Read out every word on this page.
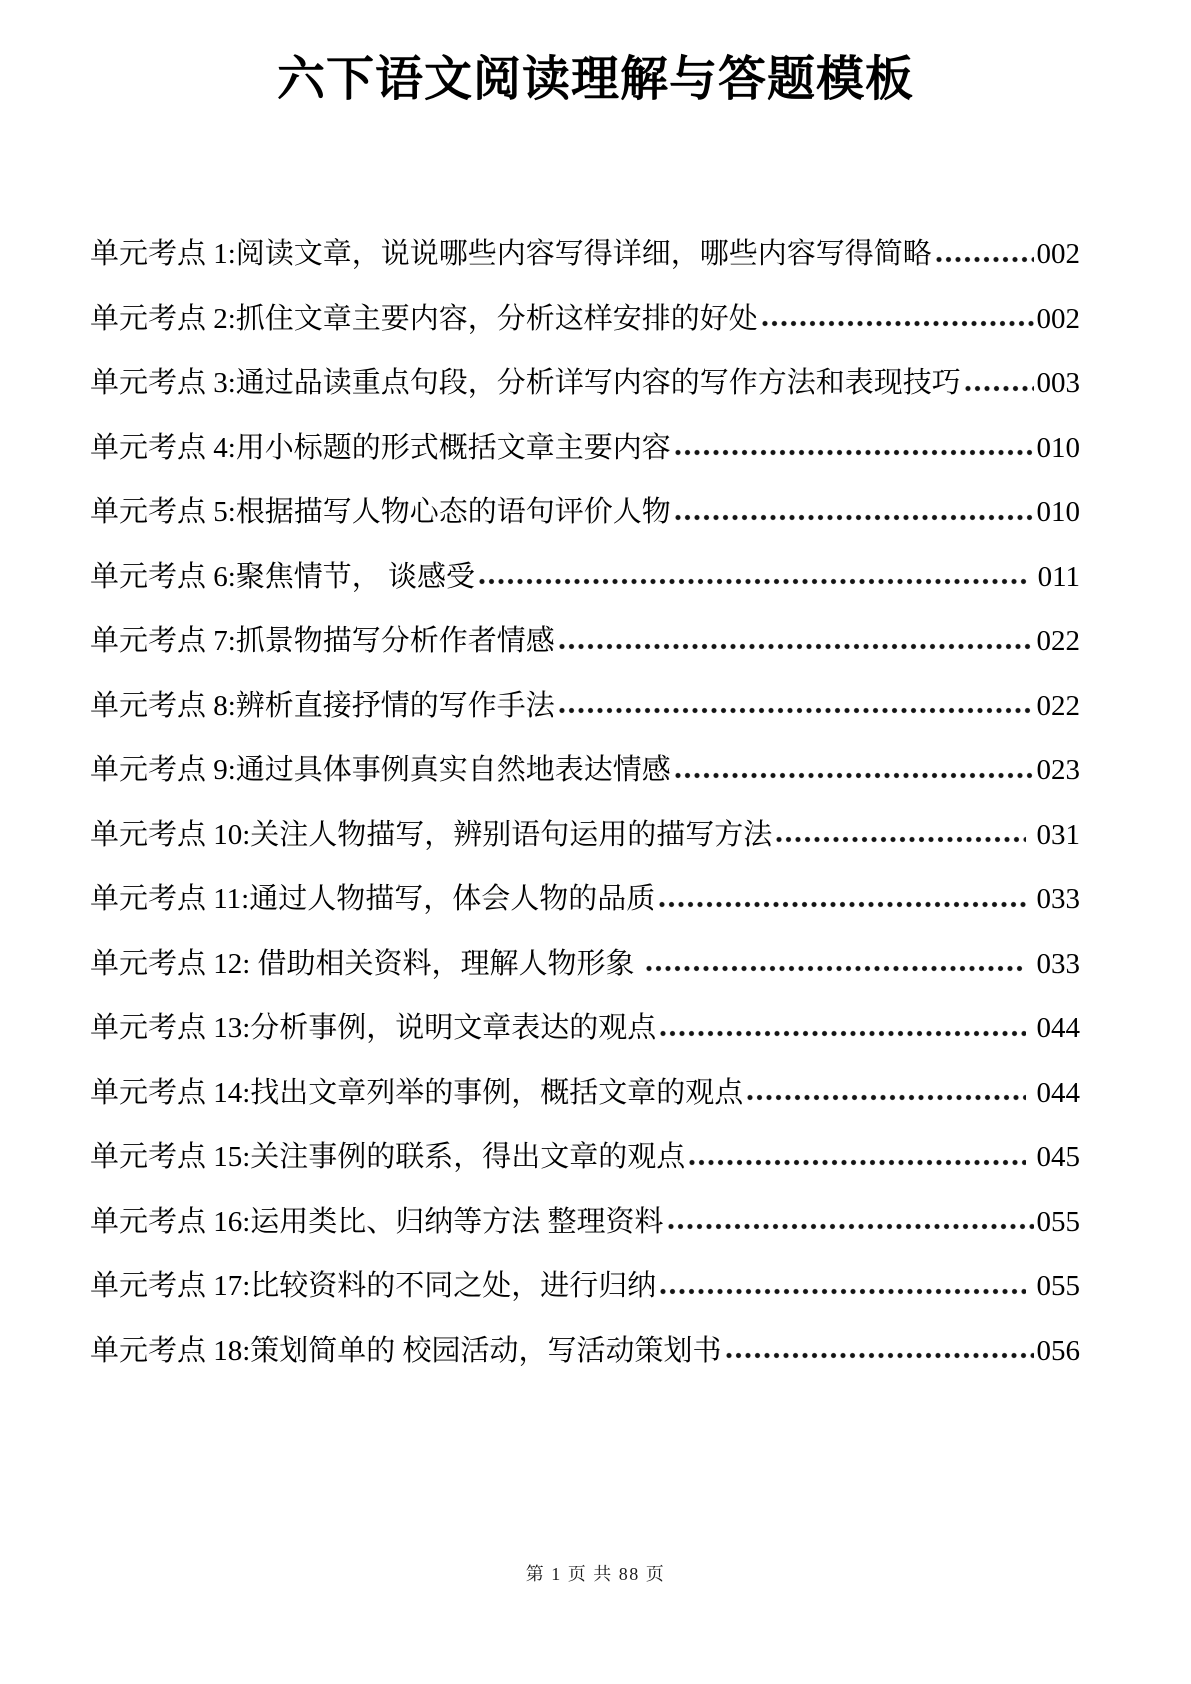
六下语文阅读理解与答题模板
单元考点 1:阅读文章，说说哪些内容写得详细，哪些内容写得简略	002
单元考点 2:抓住文章主要内容，分析这样安排的好处	002
单元考点 3:通过品读重点句段，分析详写内容的写作方法和表现技巧	003
单元考点 4:用小标题的形式概括文章主要内容	010
单元考点 5:根据描写人物心态的语句评价人物	010
单元考点 6:聚焦情节， 谈感受	011
单元考点 7:抓景物描写分析作者情感	022
单元考点 8:辨析直接抒情的写作手法	022
单元考点 9:通过具体事例真实自然地表达情感	023
单元考点 10:关注人物描写，辨别语句运用的描写方法	031
单元考点 11:通过人物描写，体会人物的品质	033
单元考点 12: 借助相关资料，理解人物形象	033
单元考点 13:分析事例，说明文章表达的观点	044
单元考点 14:找出文章列举的事例，概括文章的观点	044
单元考点 15:关注事例的联系，得出文章的观点	045
单元考点 16:运用类比、归纳等方法 整理资料	055
单元考点 17:比较资料的不同之处，进行归纳	055
单元考点 18:策划简单的 校园活动，写活动策划书	056
第 1 页 共 88 页
